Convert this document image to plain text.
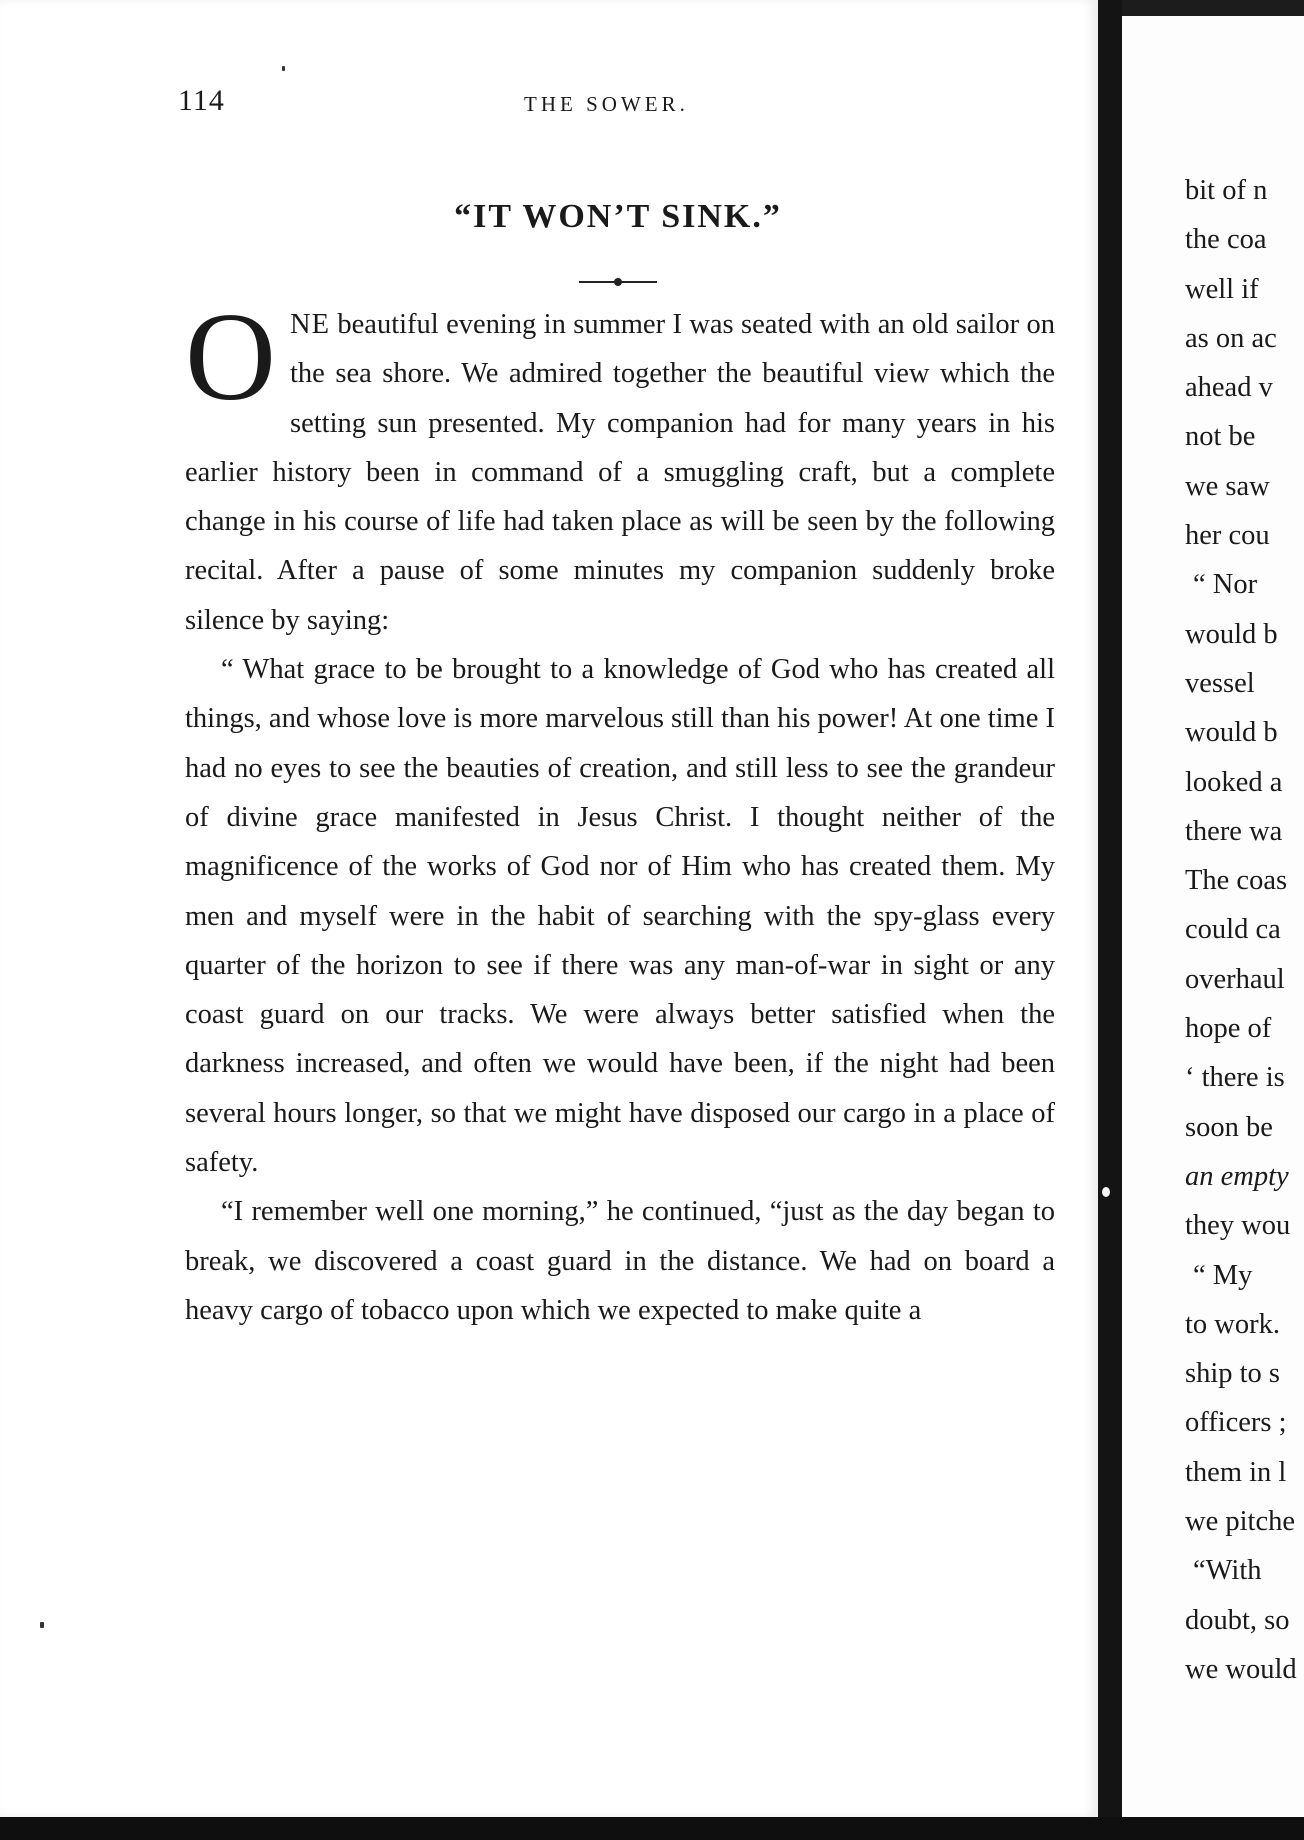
114	THE SOWER.
“IT WON’T SINK.”

ONE beautiful evening in summer I was seated with an old sailor on the sea shore. We admired together the beautiful view which the setting sun presented. My companion had for many years in his earlier history been in command of a smuggling craft, but a complete change in his course of life had taken place as will be seen by the following recital. After a pause of some minutes my companion suddenly broke silence by saying:

“ What grace to be brought to a knowledge of God who has created all things, and whose love is more marvelous still than his power! At one time I had no eyes to see the beauties of creation, and still less to see the grandeur of divine grace manifested in Jesus Christ. I thought neither of the magnificence of the works of God nor of Him who has created them. My men and myself were in the habit of searching with the spy-glass every quarter of the horizon to see if there was any man-of-war in sight or any coast guard on our tracks. We were always better satisfied when the darkness increased, and often we would have been, if the night had been several hours longer, so that we might have disposed our cargo in a place of safety.

“I remember well one morning,” he continued, “just as the day began to break, we discovered a coast guard in the distance. We had on board a heavy cargo of tobacco upon which we expected to make quite a

bit of n
the coa
well if
as on ac
ahead v
not be
we saw
her cou
“ Nor
would b
vessel
would b
looked a
there wa
The coas
could ca
overhaul
hope of
‘ there is
soon be
an empty
they wou
“ My
to work.
ship to s
officers ;
them in l
we pitche
“With
doubt, so
we would
